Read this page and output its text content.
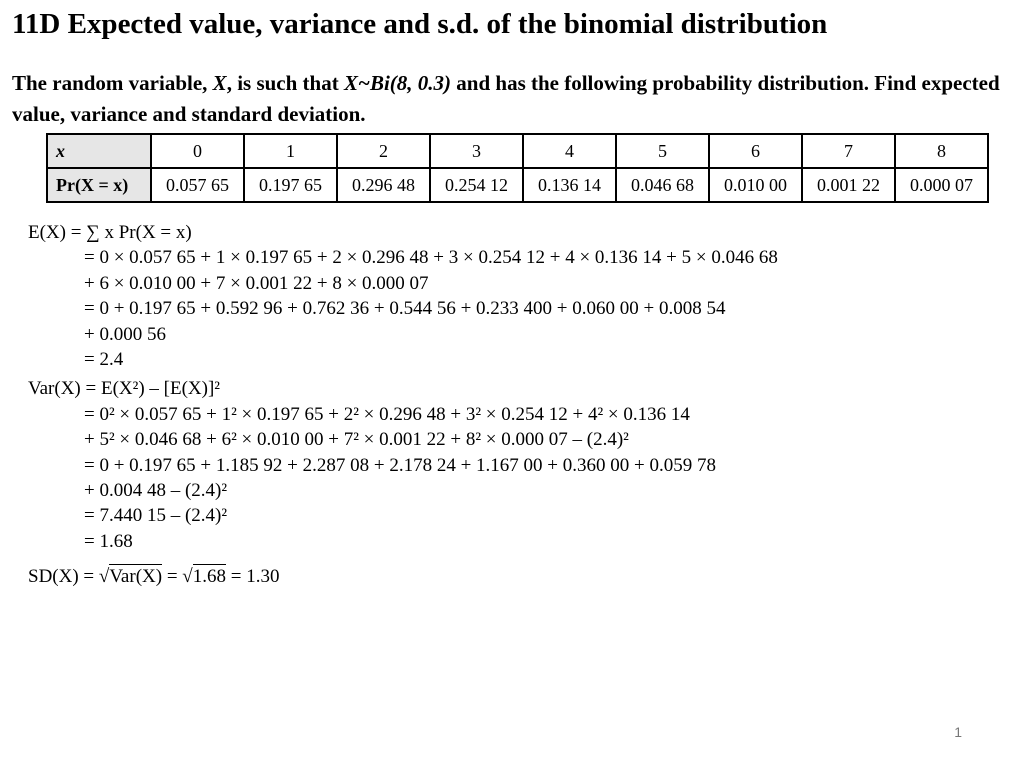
11D Expected value, variance and s.d. of the binomial distribution
The random variable, X, is such that X~Bi(8, 0.3) and has the following probability distribution. Find expected value, variance and standard deviation.
x	0	1	2	3	4	5	6	7	8
Pr(X = x)	0.057 65	0.197 65	0.296 48	0.254 12	0.136 14	0.046 68	0.010 00	0.001 22	0.000 07
E(X) = ∑ x Pr(X = x)
= 0 × 0.057 65 + 1 × 0.197 65 + 2 × 0.296 48 + 3 × 0.254 12 + 4 × 0.136 14 + 5 × 0.046 68
+ 6 × 0.010 00 + 7 × 0.001 22 + 8 × 0.000 07
= 0 + 0.197 65 + 0.592 96 + 0.762 36 + 0.544 56 + 0.233 400 + 0.060 00 + 0.008 54
+ 0.000 56
= 2.4
Var(X) = E(X²) – [E(X)]²
= 0² × 0.057 65 + 1² × 0.197 65 + 2² × 0.296 48 + 3² × 0.254 12 + 4² × 0.136 14
+ 5² × 0.046 68 + 6² × 0.010 00 + 7² × 0.001 22 + 8² × 0.000 07 – (2.4)²
= 0 + 0.197 65 + 1.185 92 + 2.287 08 + 2.178 24 + 1.167 00 + 0.360 00 + 0.059 78
+ 0.004 48 – (2.4)²
= 7.440 15 – (2.4)²
= 1.68
SD(X) = √Var(X) = √1.68 = 1.30
1
